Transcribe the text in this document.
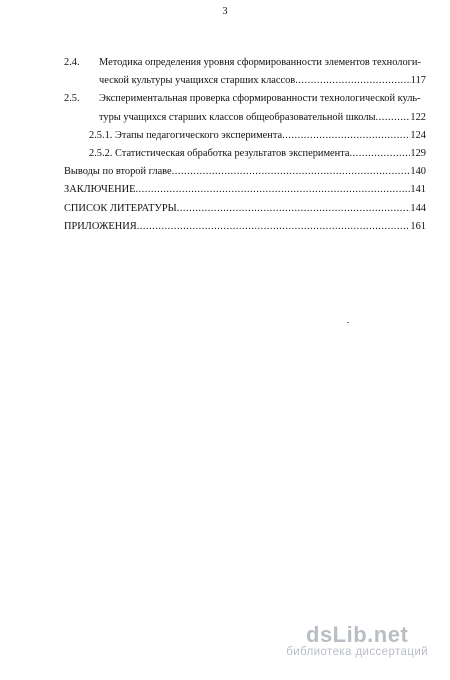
3
2.4. Методика определения уровня сформированности элементов технологи-
ческой культуры учащихся старших классов .....	117
2.5. Экспериментальная проверка сформированности технологической куль-
туры учащихся старших классов общеобразовательной школы .....	122
2.5.1. Этапы педагогического эксперимента .....	124
2.5.2. Статистическая обработка результатов эксперимента .....	129
Выводы по второй главе .....	140
ЗАКЛЮЧЕНИЕ .....	141
СПИСОК ЛИТЕРАТУРЫ .....	144
ПРИЛОЖЕНИЯ .....	161
dsLib.net
библиотека диссертаций
